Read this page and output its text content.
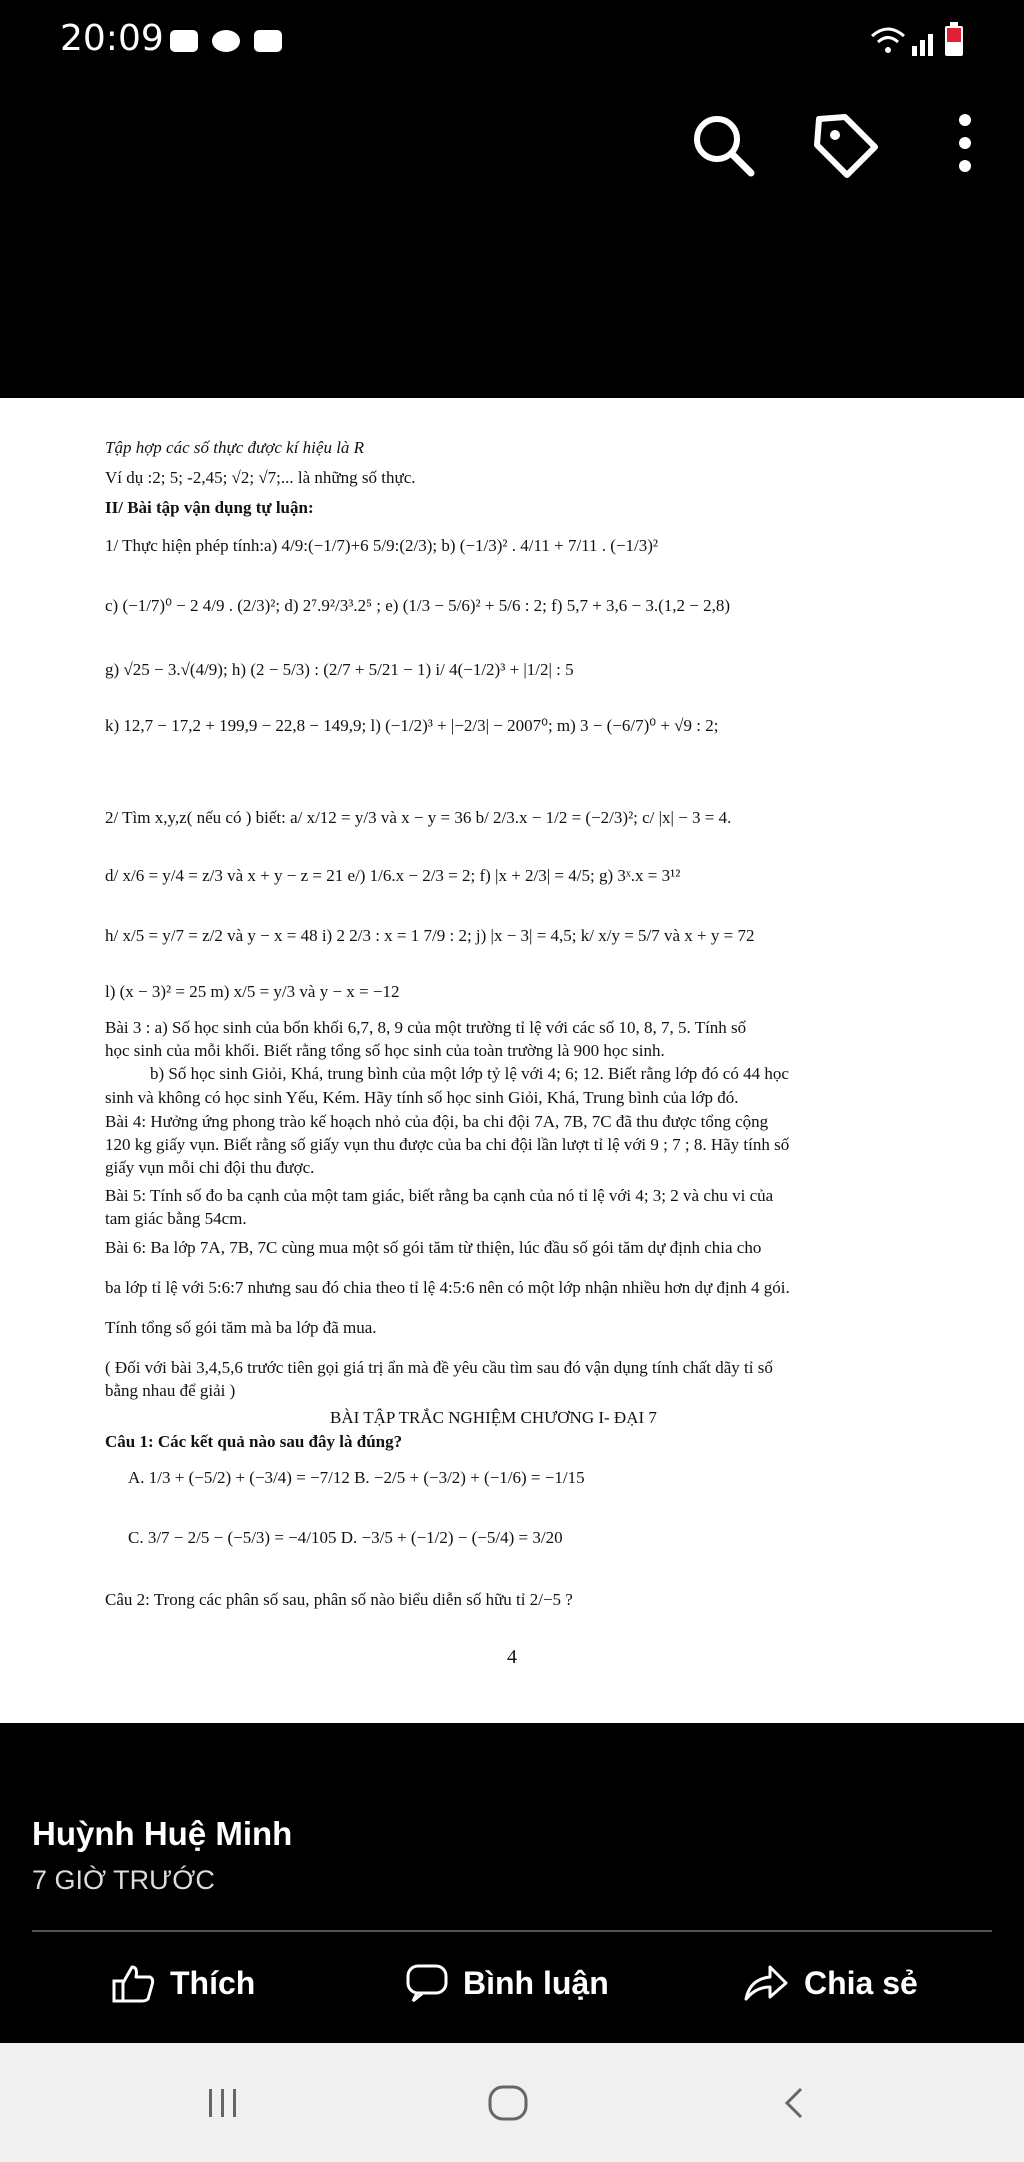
20:09
Tập hợp các số thực được kí hiệu là R
Ví dụ :2; 5; -2,45; √2; √7;... là những số thực.
II/ Bài tập vận dụng tự luận:
1/ Thực hiện phép tính:a) 4/9:(−1/7)+6 5/9:(2/3); b) (−1/3)² . 4/11 + 7/11 . (−1/3)²
c) (−1/7)⁰ − 2 4/9 . (2/3)²; d) 2⁷.9²/3³.2⁵ ; e) (1/3 − 5/6)² + 5/6 : 2; f) 5,7 + 3,6 − 3.(1,2 − 2,8)
g) √25 − 3.√(4/9); h) (2 − 5/3) : (2/7 + 5/21 − 1) i/ 4(−1/2)³ + |1/2| : 5
k) 12,7 − 17,2 + 199,9 − 22,8 − 149,9; l) (−1/2)³ + |−2/3| − 2007⁰; m) 3 − (−6/7)⁰ + √9 : 2;
2/ Tìm x,y,z( nếu có ) biết: a/ x/12 = y/3 và x − y = 36 b/ 2/3.x − 1/2 = (−2/3)²; c/ |x| − 3 = 4.
d/ x/6 = y/4 = z/3 và x + y − z = 21 e/) 1/6.x − 2/3 = 2; f) |x + 2/3| = 4/5; g) 3ˣ.x = 3¹²
h/ x/5 = y/7 = z/2 và y − x = 48 i) 2 2/3 : x = 1 7/9 : 2; j) |x − 3| = 4,5; k/ x/y = 5/7 và x + y = 72
l) (x − 3)² = 25 m) x/5 = y/3 và y − x = −12
Bài 3 : a) Số học sinh của bốn khối 6,7, 8, 9 của một trường tỉ lệ với các số 10, 8, 7, 5. Tính số
học sinh của mỗi khối. Biết rằng tổng số học sinh của toàn trường là 900 học sinh.
b) Số học sinh Giỏi, Khá, trung bình của một lớp tỷ lệ với 4; 6; 12. Biết rằng lớp đó có 44 học
sinh và không có học sinh Yếu, Kém. Hãy tính số học sinh Giỏi, Khá, Trung bình của lớp đó.
Bài 4: Hưởng ứng phong trào kế hoạch nhỏ của đội, ba chi đội 7A, 7B, 7C đã thu được tổng cộng
120 kg giấy vụn. Biết rằng số giấy vụn thu được của ba chi đội lần lượt tỉ lệ với 9 ; 7 ; 8. Hãy tính số
giấy vụn mỗi chi đội thu được.
Bài 5: Tính số đo ba cạnh của một tam giác, biết rằng ba cạnh của nó tỉ lệ với 4; 3; 2 và chu vi của
tam giác bằng 54cm.
Bài 6: Ba lớp 7A, 7B, 7C cùng mua một số gói tăm từ thiện, lúc đầu số gói tăm dự định chia cho
ba lớp tỉ lệ với 5:6:7 nhưng sau đó chia theo tỉ lệ 4:5:6 nên có một lớp nhận nhiều hơn dự định 4 gói.
Tính tổng số gói tăm mà ba lớp đã mua.
( Đối với bài 3,4,5,6 trước tiên gọi giá trị ẩn mà đề yêu cầu tìm sau đó vận dụng tính chất dãy tỉ số
bằng nhau để giải )
BÀI TẬP TRẮC NGHIỆM CHƯƠNG I- ĐẠI 7
Câu 1: Các kết quả nào sau đây là đúng?
A. 1/3 + (−5/2) + (−3/4) = −7/12 B. −2/5 + (−3/2) + (−1/6) = −1/15
C. 3/7 − 2/5 − (−5/3) = −4/105 D. −3/5 + (−1/2) − (−5/4) = 3/20
Câu 2: Trong các phân số sau, phân số nào biểu diễn số hữu tỉ 2/−5 ?
4
Huỳnh Huệ Minh
7 GIỜ TRƯỚC
Thích	Bình luận	Chia sẻ
